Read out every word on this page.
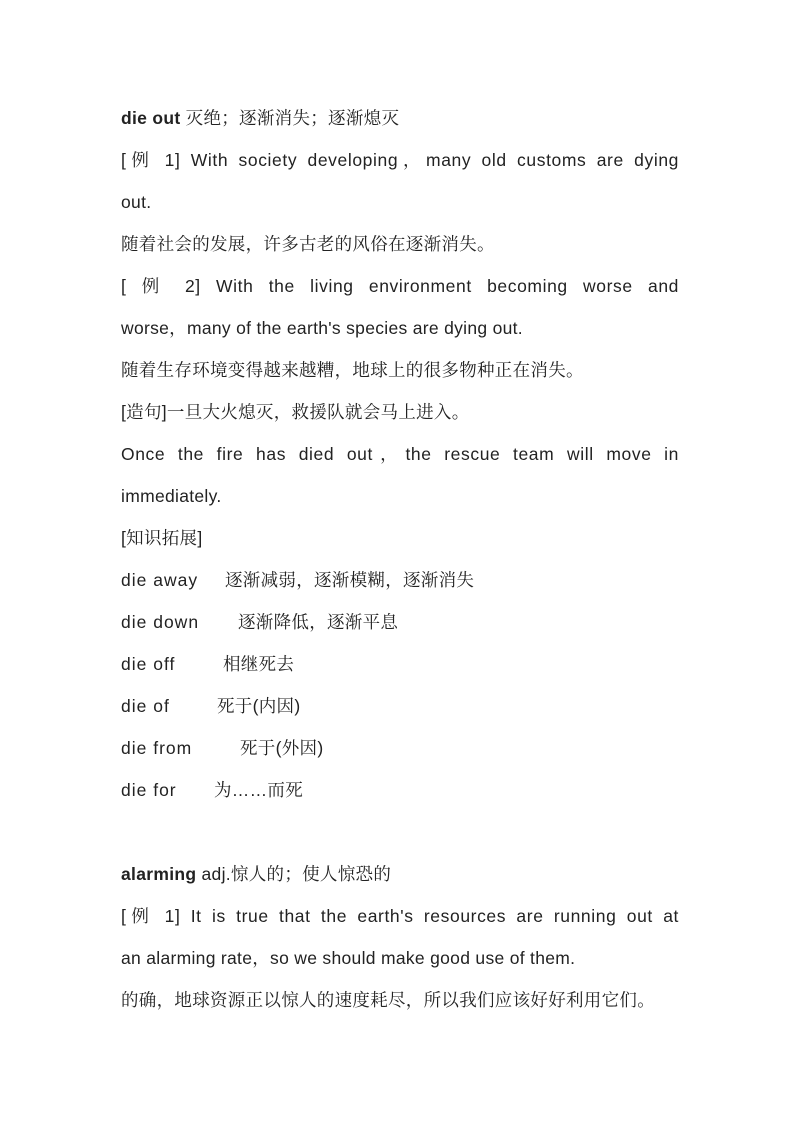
die out 灭绝；逐渐消失；逐渐熄灭
[例 1] With society developing，many old customs are dying
out.
随着社会的发展，许多古老的风俗在逐渐消失。
[ 例 2] With the living environment becoming worse and
worse，many of the earth's species are dying out.
随着生存环境变得越来越糟，地球上的很多物种正在消失。
[造句]一旦大火熄灭，救援队就会马上进入。
Once the fire has died out，the rescue team will move in
immediately.
[知识拓展]
die away 逐渐减弱，逐渐模糊，逐渐消失
die down 逐渐降低，逐渐平息
die off	相继死去
die of	死于(内因)
die from	死于(外因)
die for 为……而死
alarming adj.惊人的；使人惊恐的
[例 1] It is true that the earth's resources are running out at
an alarming rate，so we should make good use of them.
的确，地球资源正以惊人的速度耗尽，所以我们应该好好利用它们。
